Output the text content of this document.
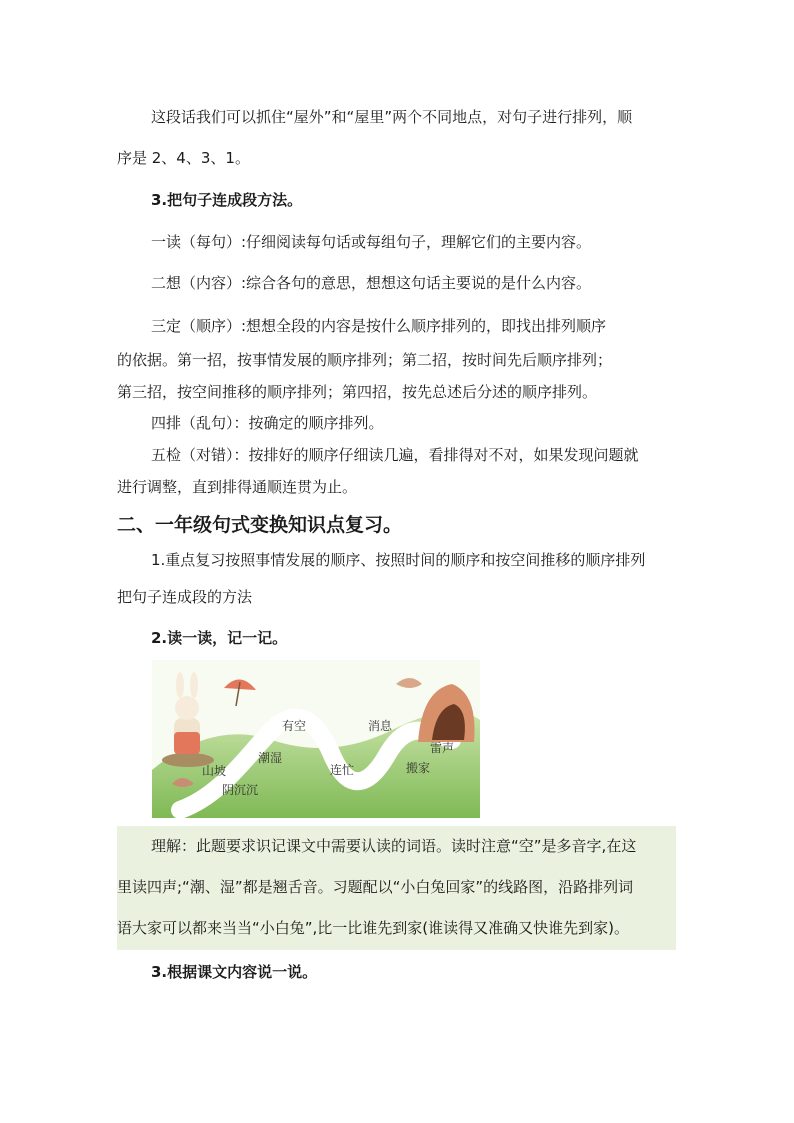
这段话我们可以抓住“屋外”和“屋里”两个不同地点，对句子进行排列，顺
序是 2、4、3、1。
3.把句子连成段方法。
一读（每句）:仔细阅读每句话或每组句子，理解它们的主要内容。
二想（内容）:综合各句的意思，想想这句话主要说的是什么内容。
三定（顺序）:想想全段的内容是按什么顺序排列的，即找出排列顺序
的依据。第一招，按事情发展的顺序排列；第二招，按时间先后顺序排列；
第三招，按空间推移的顺序排列；第四招，按先总述后分述的顺序排列。
四排（乱句）：按确定的顺序排列。
五检（对错）：按排好的顺序仔细读几遍，看排得对不对，如果发现问题就
进行调整，直到排得通顺连贯为止。
二、一年级句式变换知识点复习。
1.重点复习按照事情发展的顺序、按照时间的顺序和按空间推移的顺序排列
把句子连成段的方法
2.读一读，记一记。
山坡
阴沉沉
潮湿
有空
连忙
消息
搬家
雷声
理解：此题要求识记课文中需要认读的词语。读时注意“空”是多音字,在这
里读四声;“潮、湿”都是翘舌音。习题配以“小白兔回家”的线路图，沿路排列词
语大家可以都来当当“小白兔”,比一比谁先到家(谁读得又准确又快谁先到家)。
3.根据课文内容说一说。
